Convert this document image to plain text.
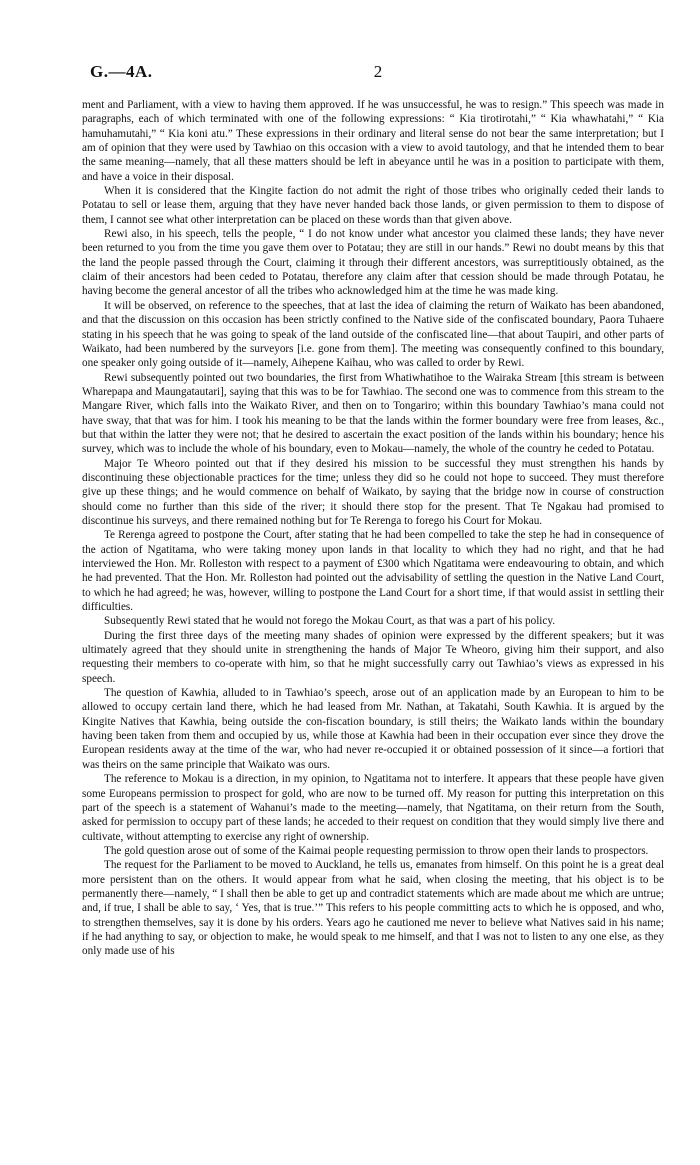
G.—4A.	2

ment and Parliament, with a view to having them approved. If he was unsuccessful, he was to resign.” This speech was made in paragraphs, each of which terminated with one of the following expressions: “ Kia tirotirotahi,” “ Kia whawhatahi,” “ Kia hamuhamutahi,” “ Kia koni atu.” These expressions in their ordinary and literal sense do not bear the same interpretation; but I am of opinion that they were used by Tawhiao on this occasion with a view to avoid tautology, and that he intended them to bear the same meaning—namely, that all these matters should be left in abeyance until he was in a position to participate with them, and have a voice in their disposal.

When it is considered that the Kingite faction do not admit the right of those tribes who originally ceded their lands to Potatau to sell or lease them, arguing that they have never handed back those lands, or given permission to them to dispose of them, I cannot see what other interpretation can be placed on these words than that given above.

Rewi also, in his speech, tells the people, “ I do not know under what ancestor you claimed these lands; they have never been returned to you from the time you gave them over to Potatau; they are still in our hands.” Rewi no doubt means by this that the land the people passed through the Court, claiming it through their different ancestors, was surreptitiously obtained, as the claim of their ancestors had been ceded to Potatau, therefore any claim after that cession should be made through Potatau, he having become the general ancestor of all the tribes who acknowledged him at the time he was made king.

It will be observed, on reference to the speeches, that at last the idea of claiming the return of Waikato has been abandoned, and that the discussion on this occasion has been strictly confined to the Native side of the confiscated boundary, Paora Tuhaere stating in his speech that he was going to speak of the land outside of the confiscated line—that about Taupiri, and other parts of Waikato, had been numbered by the surveyors [i.e. gone from them]. The meeting was consequently confined to this boundary, one speaker only going outside of it—namely, Aihepene Kaihau, who was called to order by Rewi.

Rewi subsequently pointed out two boundaries, the first from Whatiwhatihoe to the Wairaka Stream [this stream is between Wharepapa and Maungatautari], saying that this was to be for Tawhiao. The second one was to commence from this stream to the Mangare River, which falls into the Waikato River, and then on to Tongariro; within this boundary Tawhiao’s mana could not have sway, that that was for him. I took his meaning to be that the lands within the former boundary were free from leases, &c., but that within the latter they were not; that he desired to ascertain the exact position of the lands within his boundary; hence his survey, which was to include the whole of his boundary, even to Mokau—namely, the whole of the country he ceded to Potatau.

Major Te Wheoro pointed out that if they desired his mission to be successful they must strengthen his hands by discontinuing these objectionable practices for the time; unless they did so he could not hope to succeed. They must therefore give up these things; and he would commence on behalf of Waikato, by saying that the bridge now in course of construction should come no further than this side of the river; it should there stop for the present. That Te Ngakau had promised to discontinue his surveys, and there remained nothing but for Te Rerenga to forego his Court for Mokau.

Te Rerenga agreed to postpone the Court, after stating that he had been compelled to take the step he had in consequence of the action of Ngatitama, who were taking money upon lands in that locality to which they had no right, and that he had interviewed the Hon. Mr. Rolleston with respect to a payment of £300 which Ngatitama were endeavouring to obtain, and which he had prevented. That the Hon. Mr. Rolleston had pointed out the advisability of settling the question in the Native Land Court, to which he had agreed; he was, however, willing to postpone the Land Court for a short time, if that would assist in settling their difficulties.

Subsequently Rewi stated that he would not forego the Mokau Court, as that was a part of his policy.

During the first three days of the meeting many shades of opinion were expressed by the different speakers; but it was ultimately agreed that they should unite in strengthening the hands of Major Te Wheoro, giving him their support, and also requesting their members to co-operate with him, so that he might successfully carry out Tawhiao’s views as expressed in his speech.

The question of Kawhia, alluded to in Tawhiao’s speech, arose out of an application made by an European to him to be allowed to occupy certain land there, which he had leased from Mr. Nathan, at Takatahi, South Kawhia. It is argued by the Kingite Natives that Kawhia, being outside the con-fiscation boundary, is still theirs; the Waikato lands within the boundary having been taken from them and occupied by us, while those at Kawhia had been in their occupation ever since they drove the European residents away at the time of the war, who had never re-occupied it or obtained possession of it since—a fortiori that was theirs on the same principle that Waikato was ours.

The reference to Mokau is a direction, in my opinion, to Ngatitama not to interfere. It appears that these people have given some Europeans permission to prospect for gold, who are now to be turned off. My reason for putting this interpretation on this part of the speech is a statement of Wahanui’s made to the meeting—namely, that Ngatitama, on their return from the South, asked for permission to occupy part of these lands; he acceded to their request on condition that they would simply live there and cultivate, without attempting to exercise any right of ownership.

The gold question arose out of some of the Kaimai people requesting permission to throw open their lands to prospectors.

The request for the Parliament to be moved to Auckland, he tells us, emanates from himself. On this point he is a great deal more persistent than on the others. It would appear from what he said, when closing the meeting, that his object is to be permanently there—namely, “ I shall then be able to get up and contradict statements which are made about me which are untrue; and, if true, I shall be able to say, ‘ Yes, that is true.’” This refers to his people committing acts to which he is opposed, and who, to strengthen themselves, say it is done by his orders. Years ago he cautioned me never to believe what Natives said in his name; if he had anything to say, or objection to make, he would speak to me himself, and that I was not to listen to any one else, as they only made use of his
